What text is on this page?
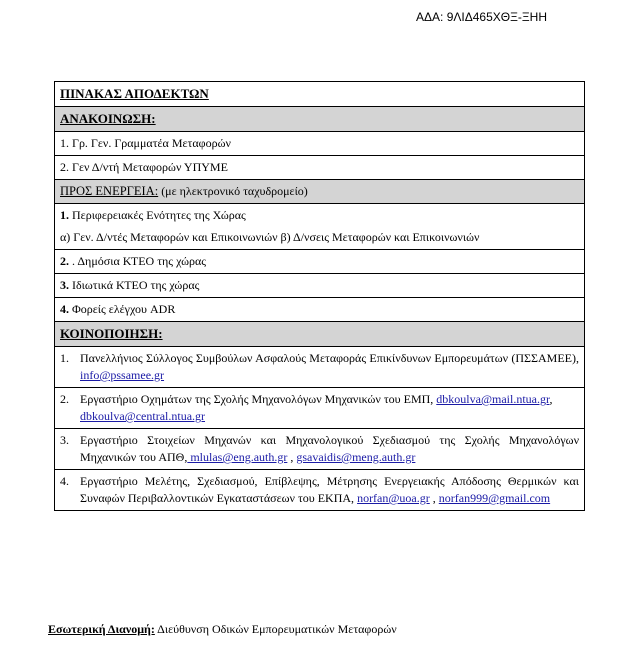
ΑΔΑ: 9ΛΙΔ465ΧΘΞ-ΞΗΗ
ΠΙΝΑΚΑΣ ΑΠΟΔΕΚΤΩΝ
ΑΝΑΚΟΙΝΩΣΗ:
1. Γρ. Γεν. Γραμματέα Μεταφορών
2. Γεν Δ/ντή Μεταφορών ΥΠΥΜΕ
ΠΡΟΣ ΕΝΕΡΓΕΙΑ: (με ηλεκτρονικό ταχυδρομείο)

1. Περιφερειακές Ενότητες της Χώρας
α) Γεν. Δ/ντές Μεταφορών και Επικοινωνιών β) Δ/νσεις Μεταφορών και Επικοινωνιών

2. . Δημόσια ΚΤΕΟ της χώρας
3. Ιδιωτικά ΚΤΕΟ της χώρας
4. Φορείς ελέγχου ADR
ΚΟΙΝΟΠΟΙΗΣΗ:

1. Πανελλήνιος Σύλλογος Συμβούλων Ασφαλούς Μεταφοράς Επικίνδυνων Εμπορευμάτων (ΠΣΣΑΜΕΕ), info@pssamee.gr

2. Εργαστήριο Οχημάτων της Σχολής Μηχανολόγων Μηχανικών του ΕΜΠ, dbkoulva@mail.ntua.gr,
dbkoulva@central.ntua.gr

3. Εργαστήριο Στοιχείων Μηχανών και Μηχανολογικού Σχεδιασμού της Σχολής Μηχανολόγων Μηχανικών του ΑΠΘ, mlulas@eng.auth.gr , gsavaidis@meng.auth.gr

4. Εργαστήριο Μελέτης, Σχεδιασμού, Επίβλεψης, Μέτρησης Ενεργειακής Απόδοσης Θερμικών και Συναφών Περιβαλλοντικών Εγκαταστάσεων του ΕΚΠΑ, norfan@uoa.gr , norfan999@gmail.com
Εσωτερική Διανομή: Διεύθυνση Οδικών Εμπορευματικών Μεταφορών
